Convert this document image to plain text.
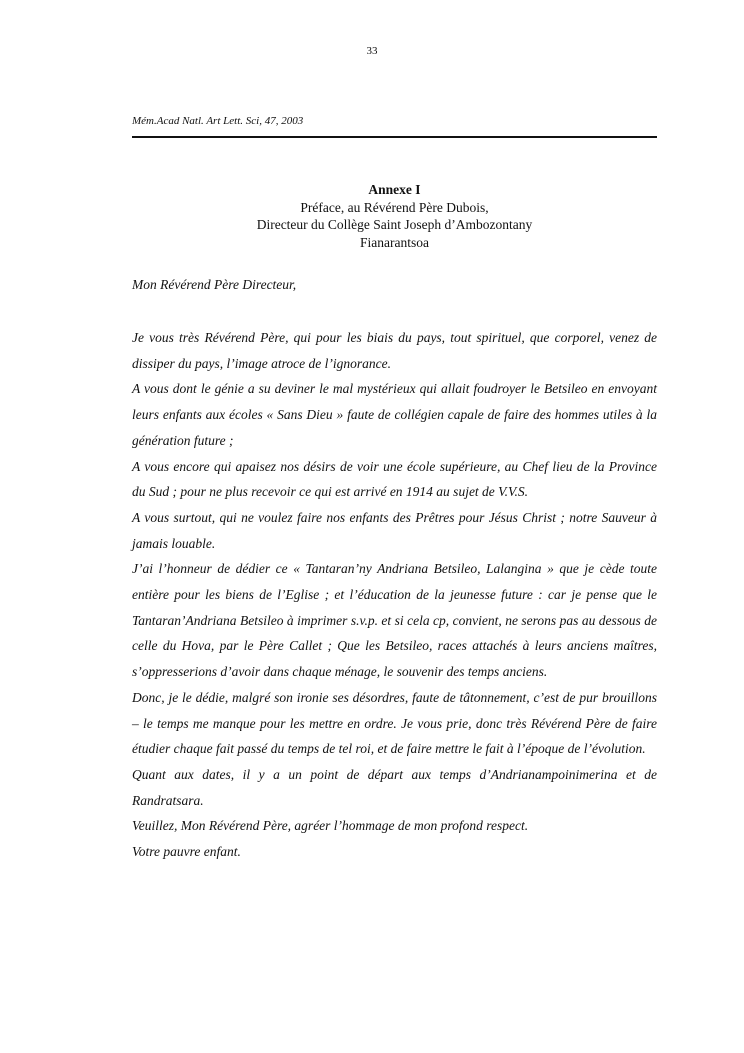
33
Mém.Acad Natl. Art Lett. Sci, 47, 2003
Annexe I
Préface, au Révérend Père Dubois,
Directeur du Collège Saint Joseph d’Ambozontany
Fianarantsoa
Mon Révérend Père Directeur,

Je vous très Révérend Père, qui pour les biais du pays, tout spirituel, que corporel, venez de dissiper du pays, l’image atroce de l’ignorance.

A vous dont le génie a su deviner le mal mystérieux qui allait foudroyer le Betsileo en envoyant leurs enfants aux écoles « Sans Dieu » faute de collégien capale de faire des hommes utiles à la génération future ;

A vous encore qui apaisez nos désirs de voir une école supérieure, au Chef lieu de la Province du Sud ; pour ne plus recevoir ce qui est arrivé en 1914 au sujet de V.V.S.

A vous surtout, qui ne voulez faire nos enfants des Prêtres pour Jésus Christ ; notre Sauveur à jamais louable.

J’ai l’honneur de dédier ce « Tantaran’ny Andriana Betsileo, Lalangina » que je cède toute entière pour les biens de l’Eglise ; et l’éducation de la jeunesse future : car je pense que le Tantaran’Andriana Betsileo à imprimer s.v.p. et si cela cp, convient, ne serons pas au dessous de celle du Hova, par le Père Callet ; Que les Betsileo, races attachés à leurs anciens maîtres, s’oppresserions d’avoir dans chaque ménage, le souvenir des temps anciens.

Donc, je le dédie, malgré son ironie ses désordres, faute de tâtonnement, c’est de pur brouillons – le temps me manque pour les mettre en ordre. Je vous prie, donc très Révérend Père de faire étudier chaque fait passé du temps de tel roi, et de faire mettre le fait à l’époque de l’évolution.

Quant aux dates, il y a un point de départ aux temps d’Andrianampoinimerina et de Randratsara.

Veuillez, Mon Révérend Père, agréer l’hommage de mon profond respect.

Votre pauvre enfant.
